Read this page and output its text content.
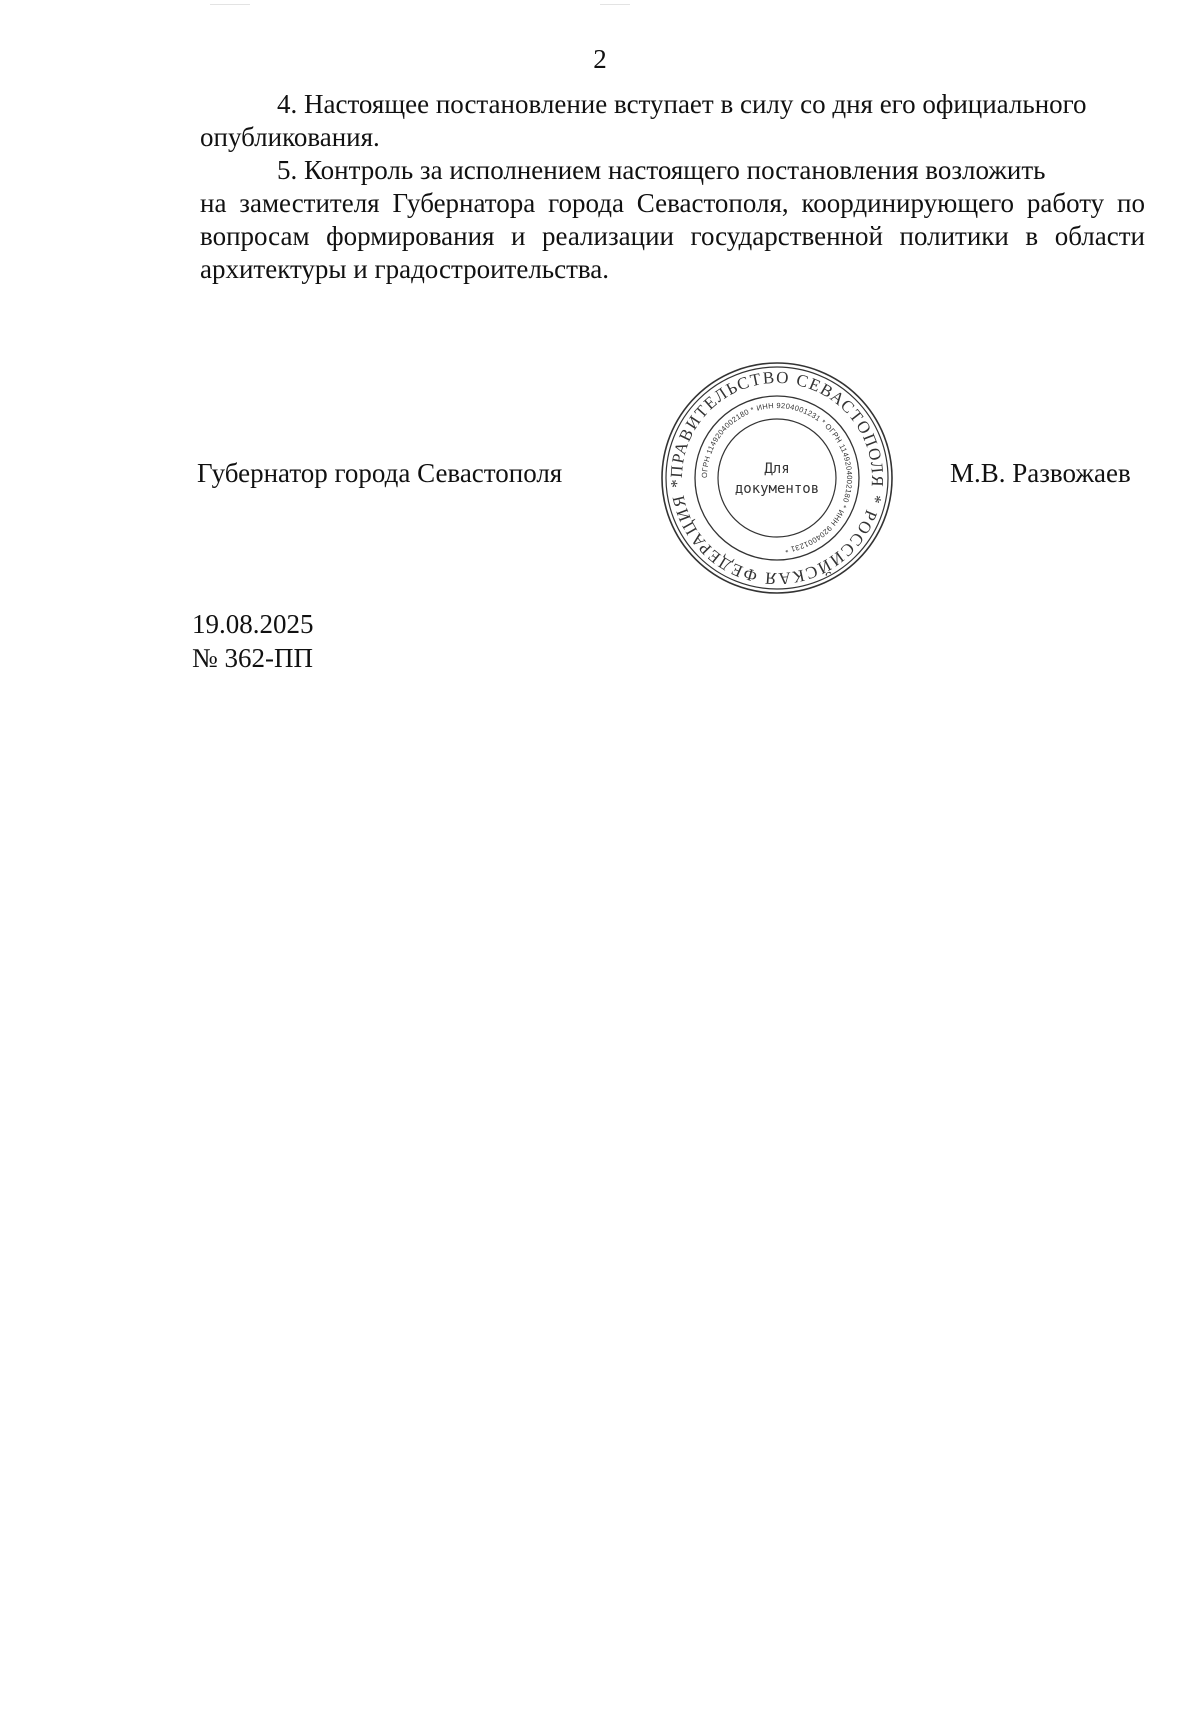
2

4. Настоящее постановление вступает в силу со дня его официального
опубликования.

5. Контроль за исполнением настоящего постановления возложить
на заместителя Губернатора города Севастополя, координирующего работу по вопросам формирования и реализации государственной политики в области архитектуры и градостроительства.

Губернатор города Севастополя	ПРАВИТЕЛЬСТВО СЕВАСТОПОЛЯ * РОССИЙСКАЯ ФЕДЕРАЦИЯ *
ОГРН 1149204002180 * ИНН 9204001231 * ОГРН 1149204002180 * ИНН 9204001231 *
Для
документов
М.В. Развожаев
19.08.2025
№ 362-ПП
